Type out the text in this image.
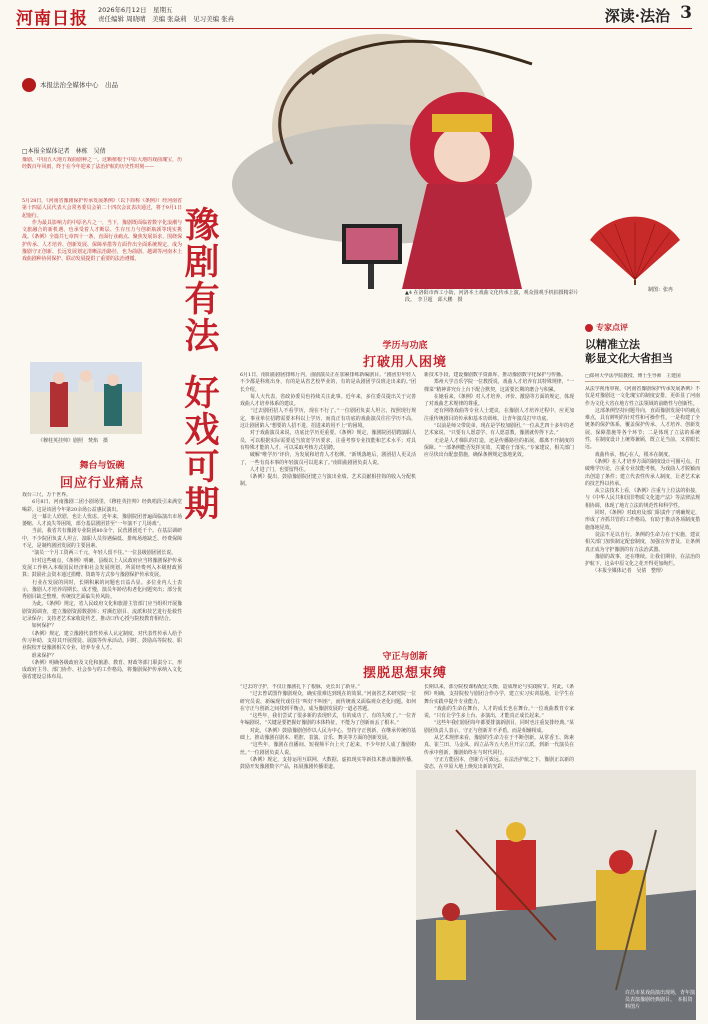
河南日报 2026年6月12日　星期五
责任编辑 周晓晴　美编 张焱莉　见习美编 张冉	深读·法治 3
本报法治全媒体中心　出品
□本报全媒体记者　林栋　吴倩
豫剧，中国五大地方戏曲剧种之一。这颗植根于中原大地的戏曲瑰宝，历经数百年风雨，终于在今年迎来了法治护航的历史性时刻——
5月28日，《河南省豫剧保护传承发展条例》（以下简称《条例》）经河南省第十四届人民代表大会常务委员会第二十四次会议表决通过，将于9月1日起施行。
　　作为最具影响力的中原名片之一，当下，豫剧既面临着数字化浪潮与文旅融合的新机遇，也承受着人才断层、生存压力与创新瓶颈等现实挑战。《条例》全篇共七章四十一条，直面行业痛点、聚焦发展诉求，围绕保护传承、人才培养、创新发展、保障举措等方面作出全面系统规定，成为豫剧守正创新、长远发展划定清晰法治路径，也为曲剧、越调等河南本土戏曲剧种协同保护、联动发展提供了重要的法治遵循。	豫剧有法好戏可期
制图：张冉
▲4 在洛阳市西工小街，河洛本土戏曲文化传承上演，观众围观手机拍摄精彩片段。　李卫超　邱大鹏　摄
《穆桂英挂帅》剧照　焚焰　摄
舞台与饭碗
回应行业痛点
戏台三尺，万千世界。
　　6月8日，河南豫剧二团小剧场里，《穆桂英挂帅》经典唱段引来满堂喝彩。这是该团今年第20余场公益惠民演出。
　　这一幕让人欣慰，也让人忧虑。近年来，豫剧院团普遍面临演出市场萎缩、人才流失等困境，部分基层剧团甚至“一年演不了几场戏”。
　　当前，我省共有豫剧专业院团80余个，民营剧团近千个。在基层调研中，不少院团负责人坦言，演职人员待遇偏低、排练场地缺乏、经费保障不足，是制约剧团发展的主要因素。
　　“演员一个月工资两三千元，年轻人留不住。”一位县级剧团团长说。
　　针对这些痛点，《条例》明确，县级以上人民政府应当将豫剧保护传承发展工作纳入本级国民经济和社会发展规划，所需经费列入本级财政预算；鼓励社会资本通过捐赠、资助等方式参与豫剧保护传承发展。
　　行业在发展的同时，长期积累的问题也日益凸显。多位业内人士表示，豫剧人才培养周期长、成才慢，演员年龄结构老化问题突出；部分优秀剧目缺乏整理，传统技艺面临失传风险。
　　为此，《条例》规定，省人民政府文化和旅游主管部门应当组织开展豫剧资源调查，建立豫剧资源数据库；对濒危剧目、流派和技艺进行抢救性记录保存；支持老艺术家收徒传艺，推动口传心授与院校教育相结合。
　　如何保护？
　　《条例》规定，建立豫剧代表性传承人认定制度，对代表性传承人给予传习补助，支持其开展授徒、展演等传承活动。同时，鼓励高等院校、职业院校开设豫剧相关专业，培养专业人才。
　　谁来保护？
　　《条例》明确各级政府及文化和旅游、教育、财政等部门职责分工，形成政府主导、部门协作、社会参与的工作格局，将豫剧保护传承纳入文化强省建设总体布局。
学历与功底
打破用人困境
6月1日，南阳曲剧团排练厅内，曲剧演员正在加紧排练新编剧目。“剧团里年轻人不少都是科班出身，有的是从省艺校毕业的，有的是从剧团学员班走出来的。”团长介绍。
　　每人大代表，省政协委员也持续关注此事。近年来，多位委员提出关于完善戏曲人才培养体系的建议。
　　“过去剧团招人不看学历，现在不行了。”一位剧团负责人坦言，按照现行规定，事业单位招聘需要本科以上学历，而真正有功底的戏曲演员往往学历不高，这让剧团陷入“想要的人招不进，招进来的用不上”的困境。
　　对于戏曲演员来说，功底比学历更重要。《条例》规定，豫剧院团招聘演职人员，可以根据实际需要适当放宽学历要求，注重考察专业技能和艺术水平；对具有特殊才能的人才，可以采取考核方式招聘。
　　破解“唯学历”评价，为发展和培育人才松绑。“新规落地后，剧团招人更灵活了，一些有真本事的年轻演员可以进来了。”南阳曲剧团负责人说。
　　人才进了门，也要留得住。
　　《条例》提出，鼓励豫剧院团建立与演出业绩、艺术贡献相挂钩的收入分配机制。
新技术手段，建设豫剧数字资源库，推动豫剧数字化保护与传播。
　　郑州大学音乐学院一位教授说，戏曲人才培养有其特殊规律，“一棵菜”精神讲究台上台下配合默契，这需要长期的磨合与积累。
　　在她看来，《条例》对人才培养、评价、激励等方面的规定，体现了对戏曲艺术规律的尊重。
　　还有网络戏曲等专业人士建议，在豫剧人才培养过程中，应更加注重传统剧目的传承和基本功训练，让青年演员打牢功底。
　　“以前是师父带徒弟，现在是学校加剧团。”一位从艺四十多年的老艺术家说，“只要有人愿意学、有人愿意教，豫剧就传得下去。”
　　无论是人才梯队的打造，还是传播路径的拓展，都离不开制度的保障。“一部条例能否发挥实效，关键在于落实。”专家建议，相关部门应尽快出台配套措施，确保条例规定落地见效。
守正与创新
摆脱思想束缚
“过去的守护，不仅让豫剧扎下了根脉，更长出了新芽。”
　　“过去曾试图作豫剧观众，确实很难达到现在的效果。”河南省艺术研究院一位研究员说，新编现代戏往往“叫好不叫座”，而传统戏又面临观众老化问题。如何在守正与创新之间找到平衡点，成为豫剧发展的一道必答题。
　　“这些年，我们尝试了很多新的表现形式，有的成功了，有的失败了。”一位青年编剧说，“关键是要把握好豫剧的本体特征，不能为了创新而丢了根本。”
　　对此，《条例》鼓励豫剧创作以人民为中心，坚持守正创新，在继承传统的基础上，推动豫剧在剧本、唱腔、表演、音乐、舞美等方面的创新发展。
　　“这些年，豫剧在直播间、短视频平台上火了起来，不少年轻人成了豫剧粉丝。”一位剧团负责人说。
　　《条例》规定，支持运用互联网、大数据、虚拟现实等新技术推动豫剧传播，鼓励开发豫剧数字产品，拓展豫剧传播渠道。
长期以来，部分院校课程配比失衡，造成理论与实践脱节。对此，《条例》明确，支持院校与剧团合作办学，建立实习实训基地，让学生在舞台实践中提升专业能力。
　　“戏曲的生命在舞台，人才的成长也在舞台。”一位戏曲教育专家说，“只有让学生多上台、多演出，才能真正成长起来。”
　　“这些年我们剧团每年都要排演新剧目，同时也注重复排经典。”某剧团负责人表示，守正与创新并不矛盾，而是相辅相成。
　　从艺术规律来看，豫剧的生命力在于不断创新。从常香玉、陈素真、崔兰田、马金凤、阎立品等五大名旦开宗立派，到新一代演员在传承中创新，豫剧始终在与时代同行。
　　守正方能固本，创新方可致远。在法治护航之下，豫剧正以新的姿态，在中原大地上焕发出新的光彩。
专家点评
以精准立法
彰显文化大省担当
□郑州大学法学院教授、博士生导师　王建国
从法学视角审视，《河南省豫剧保护传承发展条例》不仅是对豫剧这一文化瑰宝的制度安排，更彰显了河南作为文化大省在地方性立法领域的前瞻性与创新性。
　　这部条例坚持问题导向，直面豫剧发展中的痛点难点，具有鲜明的针对性和可操作性。一是构建了全链条的保护体系，覆盖保护传承、人才培养、创新发展、保障措施等各个环节；二是体现了立法的系统性，在制度设计上统筹兼顾，既立足当前，又着眼长远。
　　戏曲传承，核心在人，根本在制度。
　　《条例》在人才培养方面的制度设计可圈可点。打破唯学历论，注重专业技能考核，为戏曲人才脱颖而出创造了条件；建立代表性传承人制度，让老艺术家的技艺得以传承。
　　从立法技术上看，《条例》注重与上位法的衔接，与《中华人民共和国非物质文化遗产法》等法律法规相协调，体现了地方立法的规范性和科学性。
　　同时，《条例》对政府及部门职责作了明确规定，形成了齐抓共管的工作格局，有助于推动各项制度措施落地见效。
　　徒法不足以自行。条例的生命力在于实施，建议相关部门加快制定配套制度，加强宣传普及，让条例真正成为守护豫剧的有力法治武器。
　　豫剧的故事，还在继续。让我们期待，在法治的护航下，这朵中原文化之花开得更加绚烂。
　　（本报全媒体记者　吴倩　整理）
许昌市某戏曲演出现场，青年演员表演豫剧经典剧目。　本报资料图片
